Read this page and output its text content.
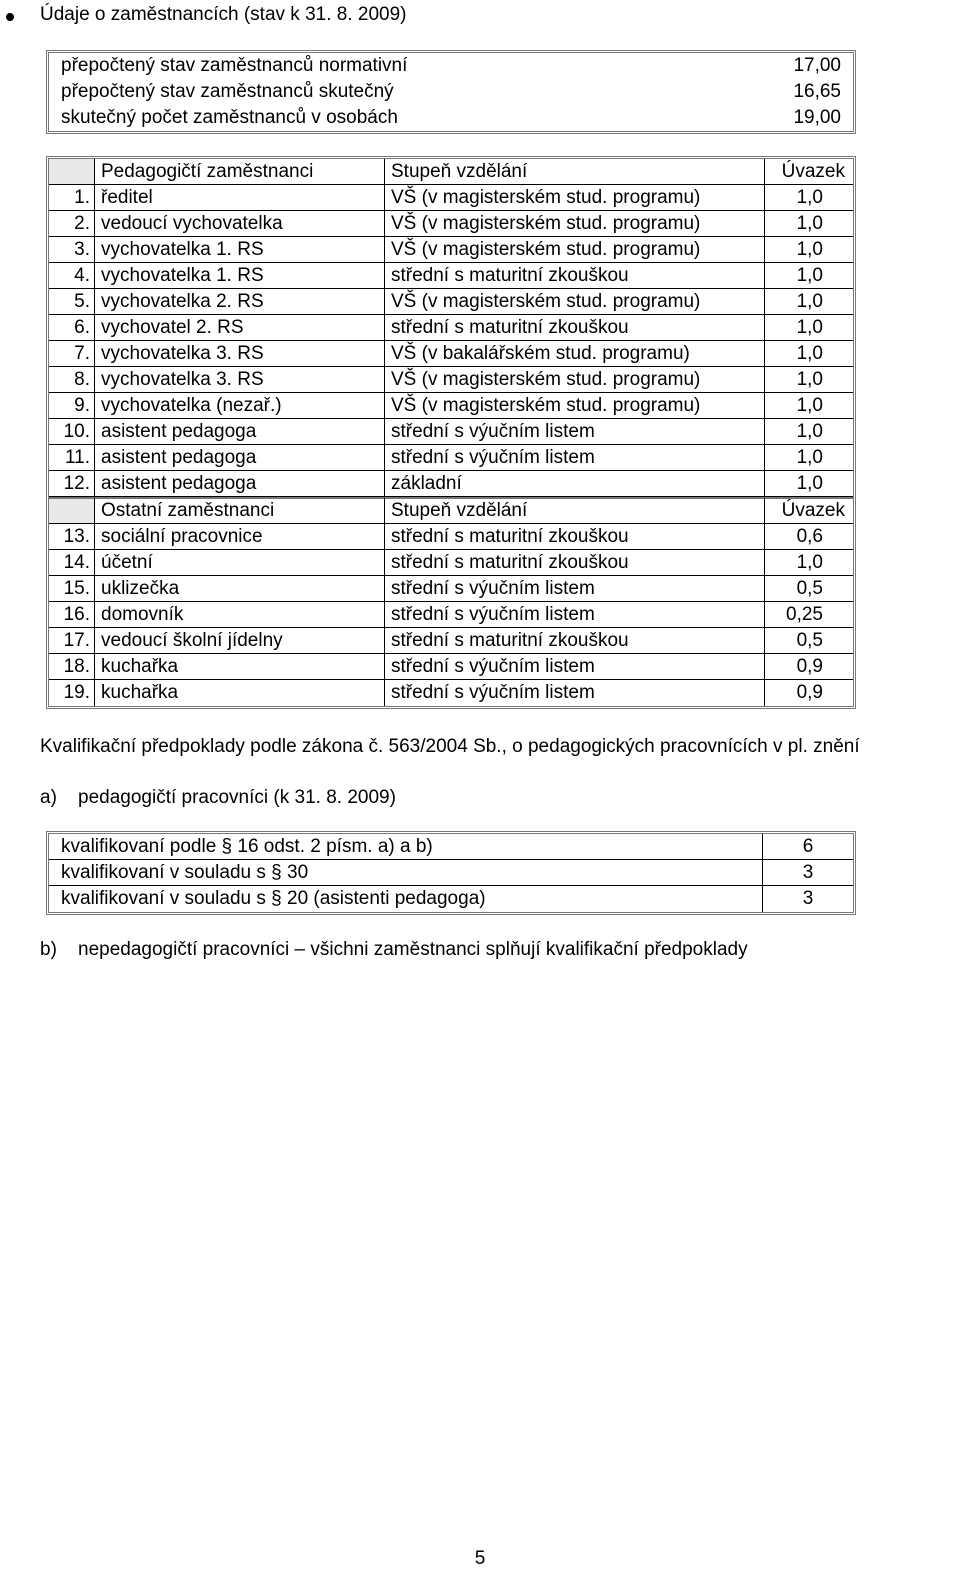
Údaje o zaměstnancích (stav k 31. 8. 2009)
přepočtený stav zaměstnanců normativní	17,00
přepočtený stav zaměstnanců skutečný	16,65
skutečný počet zaměstnanců v osobách	19,00
	Pedagogičtí zaměstnanci	Stupeň vzdělání	Úvazek
1.	ředitel	VŠ (v magisterském stud. programu)	1,0
2.	vedoucí vychovatelka	VŠ (v magisterském stud. programu)	1,0
3.	vychovatelka 1. RS	VŠ (v magisterském stud. programu)	1,0
4.	vychovatelka 1. RS	střední s maturitní zkouškou	1,0
5.	vychovatelka 2. RS	VŠ (v magisterském stud. programu)	1,0
6.	vychovatel 2. RS	střední s maturitní zkouškou	1,0
7.	vychovatelka 3. RS	VŠ (v bakalářském stud. programu)	1,0
8.	vychovatelka 3. RS	VŠ (v magisterském stud. programu)	1,0
9.	vychovatelka (nezař.)	VŠ (v magisterském stud. programu)	1,0
10.	asistent pedagoga	střední s výučním listem	1,0
11.	asistent pedagoga	střední s výučním listem	1,0
12.	asistent pedagoga	základní	1,0
	Ostatní zaměstnanci	Stupeň vzdělání	Úvazek
13.	sociální pracovnice	střední s maturitní zkouškou	0,6
14.	účetní	střední s maturitní zkouškou	1,0
15.	uklizečka	střední s výučním listem	0,5
16.	domovník	střední s výučním listem	0,25
17.	vedoucí školní jídelny	střední s maturitní zkouškou	0,5
18.	kuchařka	střední s výučním listem	0,9
19.	kuchařka	střední s výučním listem	0,9
Kvalifikační předpoklady podle zákona č. 563/2004 Sb., o pedagogických pracovnících v pl. znění
a) pedagogičtí pracovníci (k 31. 8. 2009)
kvalifikovaní podle § 16 odst. 2 písm. a) a b)	6
kvalifikovaní v souladu s § 30	3
kvalifikovaní v souladu s § 20 (asistenti pedagoga)	3
b) nepedagogičtí pracovníci – všichni zaměstnanci splňují kvalifikační předpoklady
5
